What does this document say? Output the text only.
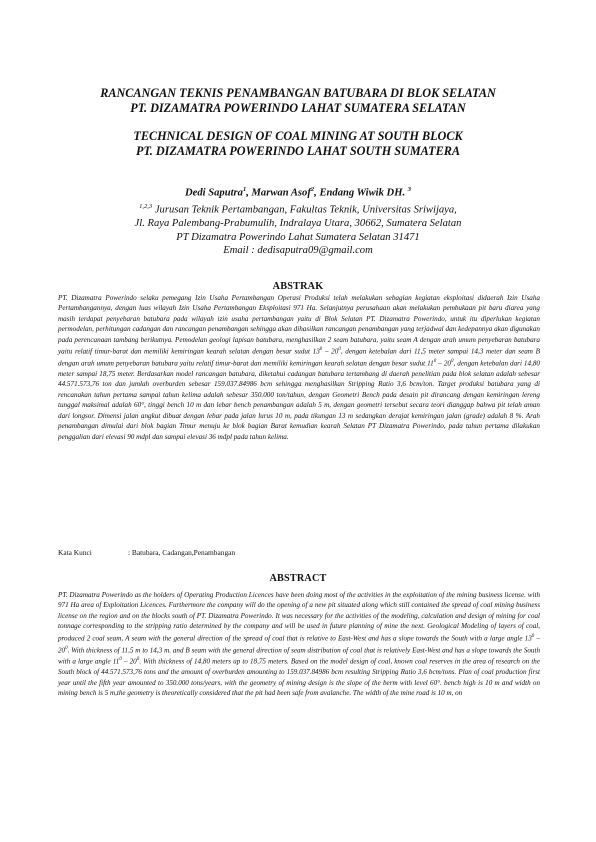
RANCANGAN TEKNIS PENAMBANGAN BATUBARA DI BLOK SELATAN
PT. DIZAMATRA POWERINDO LAHAT SUMATERA SELATAN
TECHNICAL DESIGN OF COAL MINING AT SOUTH BLOCK
PT. DIZAMATRA POWERINDO LAHAT SOUTH SUMATERA
Dedi Saputra$^1$, Marwan Asof$^2$, Endang Wiwik DH. $^3$
$^{1,2,3}$ Jurusan Teknik Pertambangan, Fakultas Teknik, Universitas Sriwijaya,
Jl. Raya Palembang-Prabumulih, Indralaya Utara, 30662, Sumatera Selatan
PT Dizamatra Powerindo Lahat Sumatera Selatan 31471
Email : dedisaputra09@gmail.com
ABSTRAK
PT. Dizamatra Powerindo selaku pemegang Izin Usaha Pertambangan Operasi Produksi telah melakukan sebagian kegiatan eksploitasi didaerah Izin Usaha Pertambangannya, dengan luas wilayah Izin Usaha Pertambangan Eksploitasi 971 Ha. Selanjutnya perusahaan akan melakukan pembukaan pit baru diarea yang masih terdapat penyebaran batubara pada wilayah izin usaha pertambangan yaitu di Blok Selatan PT. Dizamatra Powerindo, untuk itu diperlukan kegiatan permodelan, perhitungan cadangan dan rancangan penambangan sehingga akan dihasilkan rancangan penambangan yang terjadwal dan kedepannya akan digunakan pada perencanaan tambang berikutnya. Pemodelan geologi lapisan batubara, menghasilkan 2 seam batubara, yaitu seam A dengan arah umum penyebaran batubara yaitu relatif timur-barat dan memiliki kemiringan kearah selatan dengan besar sudut $13^0 - 20^0$, dengan ketebalan dari 11,5 meter sampai 14,3 meter dan seam B dengan arah umum penyebaran batubara yaitu relatif timur-barat dan memiliki kemiringan kearah selatan dengan besar sudut $11^0 - 20^0$, dengan ketebalan dari 14,80 meter sampai 18,75 meter. Berdasarkan model rancangan batubara, diketahui cadangan batubara tertambang di daerah penelitian pada blok selatan adalah sebesar 44.571.573,76 ton dan jumlah overburden sebesar 159.037.84986 bcm sehingga menghasilkan Stripping Ratio 3,6 bcm/ton. Target produksi batubara yang di rencanakan tahun pertama sampai tahun kelima adalah sebesar 350.000 ton/tahun, dengan Geometri Bench pada desain pit dirancang dengan kemiringan lereng tunggal maksimal adalah 60°, tinggi bench 10 m dan lebar bench penambangan adalah 5 m, dengan geometri tersebut secara teori dianggap bahwa pit telah aman dari longsor. Dimensi jalan angkut dibuat dengan lebar pada jalan lurus 10 m, pada tikungan 13 m sedangkan derajat kemiringan jalan (grade) adalah 8 %. Arah penambangan dimulai dari blok bagian Timur menuju ke blok bagian Barat kemudian kearah Selatan PT Dizamatra Powerindo, pada tahun pertama dilakukan penggalian dari elevasi 90 mdpl dan sampai elevasi 36 mdpl pada tahun kelima.
Kata Kunci	: Batubara, Cadangan,Penambangan
ABSTRACT
PT. Dizamatra Powerindo as the holders of Operating Production Licences have been doing most of the activities in the exploitation of the mining business license. with 971 Ha area of Exploitation Licences. Furthermore the company will do the opening of a new pit situated along which still contained the spread of coal mining business license on the region and on the blocks south of PT. Dizamatra Powerindo. It was necessary for the activities of the modeling, calculation and design of mining for coal tonnage corresponding to the stripping ratio determined by the company and will be used in future planning of mine the next. Geological Modeling of layers of coal, produced 2 coal seam, A seam with the general direction of the spread of coal that is relative to East-West and has a slope towards the South with a large angle $13^0 - 20^0$. With thickness of 11,5 m to 14,3 m. and B seam with the general direction of seam distribution of coal that is relatively East-West and has a slope towards the South with a large angle $11^0 - 20^0$. With thickness of 14,80 meters up to 18,75 meters. Based on the model design of coal, known coal reserves in the area of research on the South block of 44.571.573,76 tons and the amount of overburden amounting to 159.037.84986 bcm resulting Stripping Ratio 3,6 bcm/tons. Plan of coal production first year until the fifth year amounted to 350.000 tons/years, with the geometry of mining design is the slope of the berm with level 60°. bench high is 10 m and width on mining bench is 5 m,the geometry is theoretically considered that the pit had been safe from avalanche. The width of the mine road is 10 m, on
